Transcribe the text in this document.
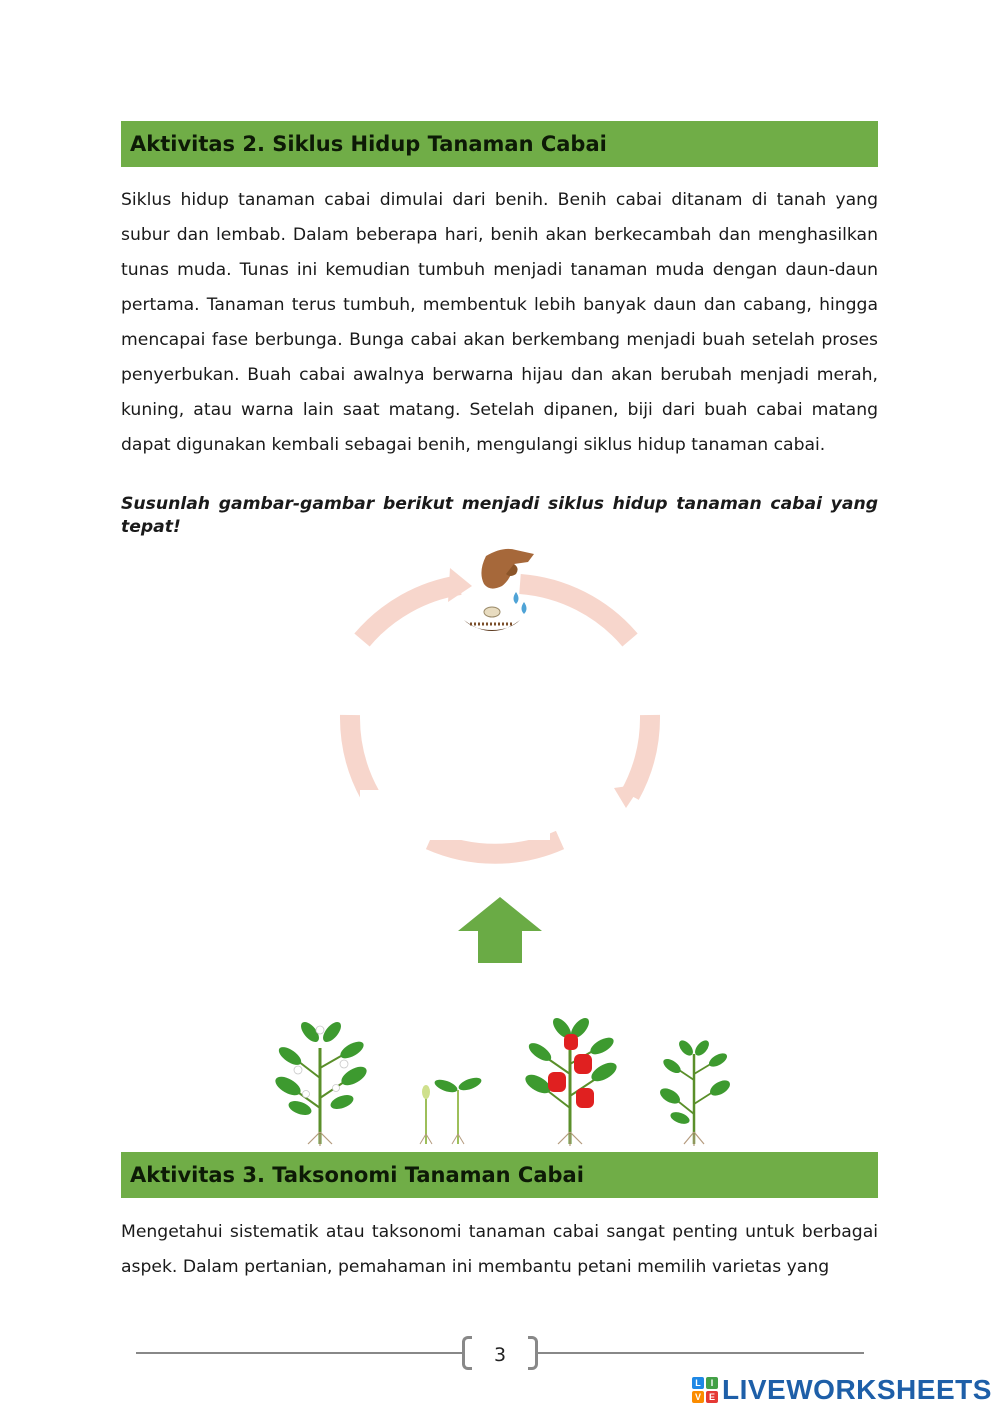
Aktivitas 2. Siklus Hidup Tanaman Cabai

Siklus hidup tanaman cabai dimulai dari benih. Benih cabai ditanam di tanah yang subur dan lembab. Dalam beberapa hari, benih akan berkecambah dan menghasilkan tunas muda. Tunas ini kemudian tumbuh menjadi tanaman muda dengan daun-daun pertama. Tanaman terus tumbuh, membentuk lebih banyak daun dan cabang, hingga mencapai fase berbunga. Bunga cabai akan berkembang menjadi buah setelah proses penyerbukan. Buah cabai awalnya berwarna hijau dan akan berubah menjadi merah, kuning, atau warna lain saat matang. Setelah dipanen, biji dari buah cabai matang dapat digunakan kembali sebagai benih, mengulangi siklus hidup tanaman cabai.

Susunlah gambar-gambar berikut menjadi siklus hidup tanaman cabai yang tepat!

Aktivitas 3. Taksonomi Tanaman Cabai

Mengetahui sistematik atau taksonomi tanaman cabai sangat penting untuk berbagai aspek. Dalam pertanian, pemahaman ini membantu petani memilih varietas yang

3
L	I
V E LIVEWORKSHEETS
